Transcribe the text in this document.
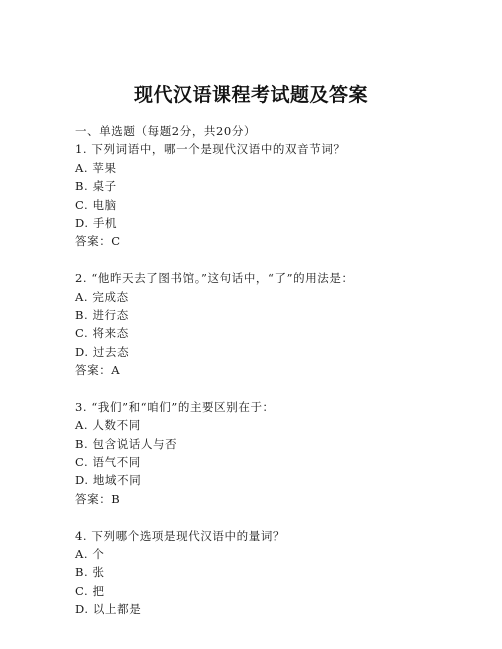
现代汉语课程考试题及答案
一、单选题（每题2分，共20分）
1. 下列词语中，哪一个是现代汉语中的双音节词？
A. 苹果
B. 桌子
C. 电脑
D. 手机
答案：C
2. “他昨天去了图书馆。”这句话中，“了”的用法是：
A. 完成态
B. 进行态
C. 将来态
D. 过去态
答案：A
3. “我们”和“咱们”的主要区别在于：
A. 人数不同
B. 包含说话人与否
C. 语气不同
D. 地域不同
答案：B
4. 下列哪个选项是现代汉语中的量词？
A. 个
B. 张
C. 把
D. 以上都是
